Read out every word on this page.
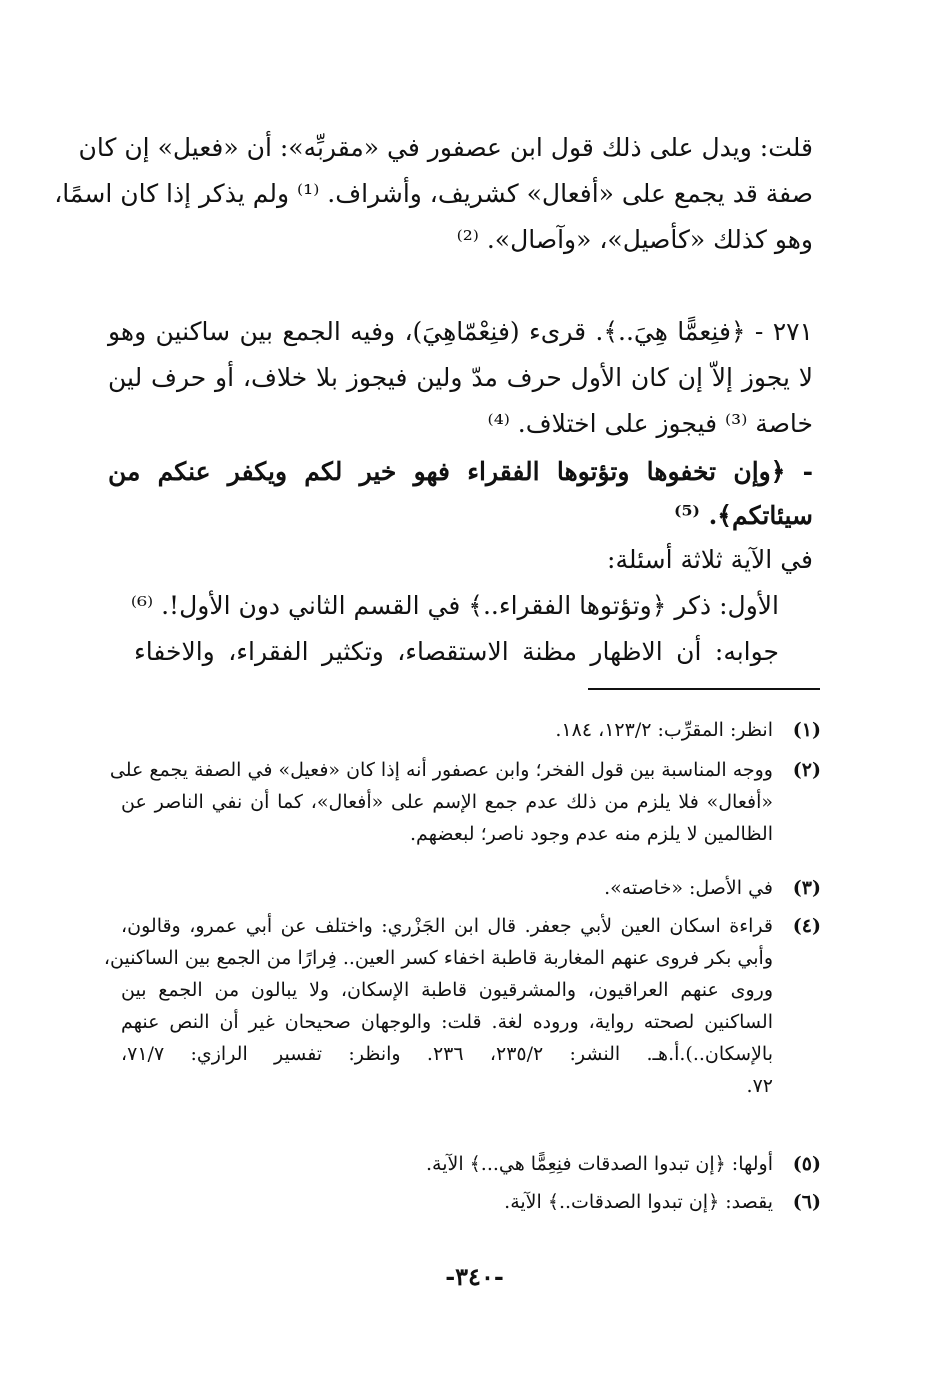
قلت: ويدل على ذلك قول ابن عصفور في «مقربِّه»: أن «فعيل» إن كان
صفة قد يجمع على «أفعال» كشريف، وأشراف. ⁽¹⁾ ولم يذكر إذا كان اسمًا،
وهو كذلك «كأصيل»، «وآصال». ⁽²⁾
٢٧١ - ﴿فنِعمًّا هِيَ..﴾. قرىء (فنِعْمّاهِيَ)، وفيه الجمع بين ساكنين وهو
لا يجوز إلاّ إن كان الأول حرف مدّ ولين فيجوز بلا خلاف، أو حرف لين
خاصة ⁽³⁾ فيجوز على اختلاف. ⁽⁴⁾
- ﴿وإن تخفوها وتؤتوها الفقراء فهو خير لكم ويكفر عنكم من
سيئاتكم﴾. ⁽⁵⁾
في الآية ثلاثة أسئلة:
الأول: ذكر ﴿وتؤتوها الفقراء..﴾ في القسم الثاني دون الأول!. ⁽⁶⁾
جوابه: أن الاظهار مظنة الاستقصاء، وتكثير الفقراء، والاخفاء
(١)
انظر: المقرِّب: ١٢٣/٢، ١٨٤.
(٢)
ووجه المناسبة بين قول الفخر؛ وابن عصفور أنه إذا كان «فعيل» في الصفة يجمع على
«أفعال» فلا يلزم من ذلك عدم جمع الإسم على «أفعال»، كما أن نفي الناصر عن
الظالمين لا يلزم منه عدم وجود ناصر؛ لبعضهم.
(٣)
في الأصل: «خاصته».
(٤)
قراءة اسكان العين لأبي جعفر. قال ابن الجَزْري: واختلف عن أبي عمرو، وقالون،
وأبي بكر فروى عنهم المغاربة قاطبة اخفاء كسر العين.. فِرارًا من الجمع بين الساكنين،
وروى عنهم العراقيون، والمشرقيون قاطبة الإسكان، ولا يبالون من الجمع بين
الساكنين لصحته رواية، وروده لغة. قلت: والوجهان صحيحان غير أن النص عنهم
بالإسكان..).أ.هـ. النشر: ٢٣٥/٢، ٢٣٦. وانظر: تفسير الرازي: ٧١/٧،
٧٢.
(٥)
أولها: ﴿إن تبدوا الصدقات فنِعِمًّا هي...﴾ الآية.
(٦)
يقصد: ﴿إن تبدوا الصدقات..﴾ الآية.
-٣٤٠-
